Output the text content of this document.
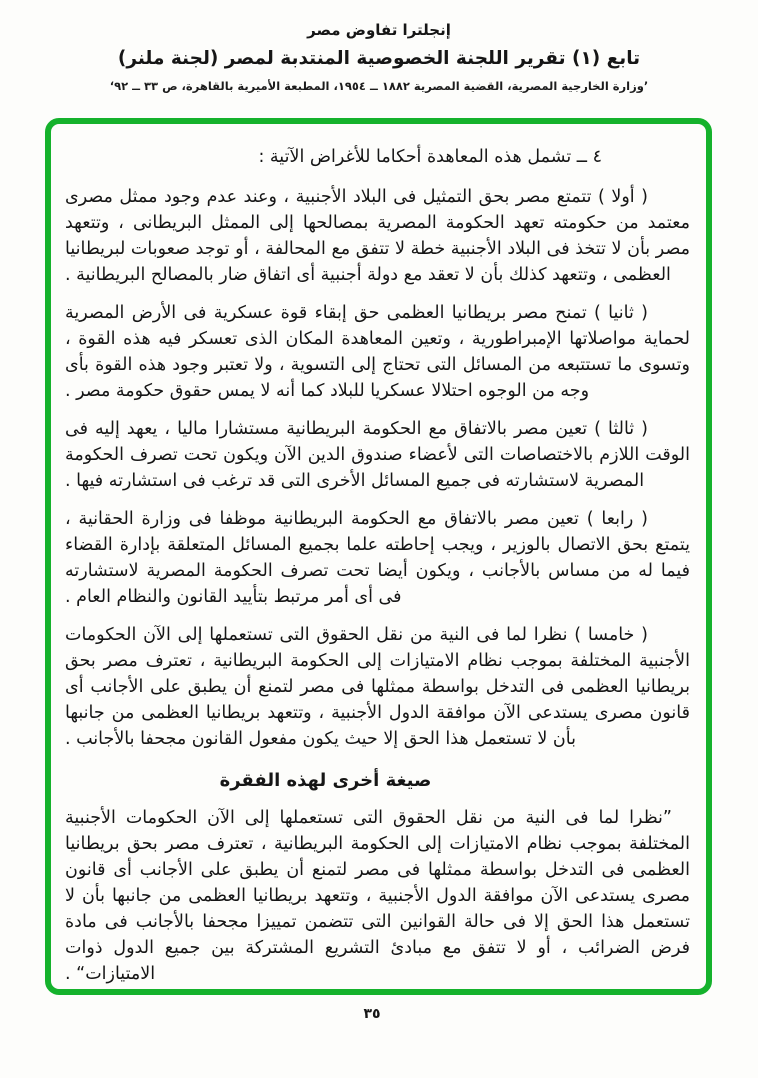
إنجلترا تفاوض مصر
تابع (١) تقرير اللجنة الخصوصية المنتدبة لمصر (لجنة ملنر)
’وزارة الخارجية المصرية، القضية المصرية ١٨٨٢ ــ ١٩٥٤، المطبعة الأميرية بالقاهرة، ص ٣٣ ــ ٩٢‘

٤ ــ تشمل هذه المعاهدة أحكاما للأغراض الآتية :

( أولا ) تتمتع مصر بحق التمثيل فى البلاد الأجنبية ، وعند عدم وجود ممثل مصرى معتمد من حكومته تعهد الحكومة المصرية بمصالحها إلى الممثل البريطانى ، وتتعهد مصر بأن لا تتخذ فى البلاد الأجنبية خطة لا تتفق مع المحالفة ، أو توجد صعوبات لبريطانيا العظمى ، وتتعهد كذلك بأن لا تعقد مع دولة أجنبية أى اتفاق ضار بالمصالح البريطانية .

( ثانيا ) تمنح مصر بريطانيا العظمى حق إبقاء قوة عسكرية فى الأرض المصرية لحماية مواصلاتها الإمبراطورية ، وتعين المعاهدة المكان الذى تعسكر فيه هذه القوة ، وتسوى ما تستتبعه من المسائل التى تحتاج إلى التسوية ، ولا تعتبر وجود هذه القوة بأى وجه من الوجوه احتلالا عسكريا للبلاد كما أنه لا يمس حقوق حكومة مصر .

( ثالثا ) تعين مصر بالاتفاق مع الحكومة البريطانية مستشارا ماليا ، يعهد إليه فى الوقت اللازم بالاختصاصات التى لأعضاء صندوق الدين الآن ويكون تحت تصرف الحكومة المصرية لاستشارته فى جميع المسائل الأخرى التى قد ترغب فى استشارته فيها .

( رابعا ) تعين مصر بالاتفاق مع الحكومة البريطانية موظفا فى وزارة الحقانية ، يتمتع بحق الاتصال بالوزير ، ويجب إحاطته علما بجميع المسائل المتعلقة بإدارة القضاء فيما له من مساس بالأجانب ، ويكون أيضا تحت تصرف الحكومة المصرية لاستشارته فى أى أمر مرتبط بتأييد القانون والنظام العام .

( خامسا ) نظرا لما فى النية من نقل الحقوق التى تستعملها إلى الآن الحكومات الأجنبية المختلفة بموجب نظام الامتيازات إلى الحكومة البريطانية ، تعترف مصر بحق بريطانيا العظمى فى التدخل بواسطة ممثلها فى مصر لتمنع أن يطبق على الأجانب أى قانون مصرى يستدعى الآن موافقة الدول الأجنبية ، وتتعهد بريطانيا العظمى من جانبها بأن لا تستعمل هذا الحق إلا حيث يكون مفعول القانون مجحفا بالأجانب .

صيغة أخرى لهذه الفقرة

”نظرا لما فى النية من نقل الحقوق التى تستعملها إلى الآن الحكومات الأجنبية المختلفة بموجب نظام الامتيازات إلى الحكومة البريطانية ، تعترف مصر بحق بريطانيا العظمى فى التدخل بواسطة ممثلها فى مصر لتمنع أن يطبق على الأجانب أى قانون مصرى يستدعى الآن موافقة الدول الأجنبية ، وتتعهد بريطانيا العظمى من جانبها بأن لا تستعمل هذا الحق إلا فى حالة القوانين التى تتضمن تمييزا مجحفا بالأجانب فى مادة فرض الضرائب ، أو لا تتفق مع مبادئ التشريع المشتركة بين جميع الدول ذوات الامتيازات“ .

٣٥
